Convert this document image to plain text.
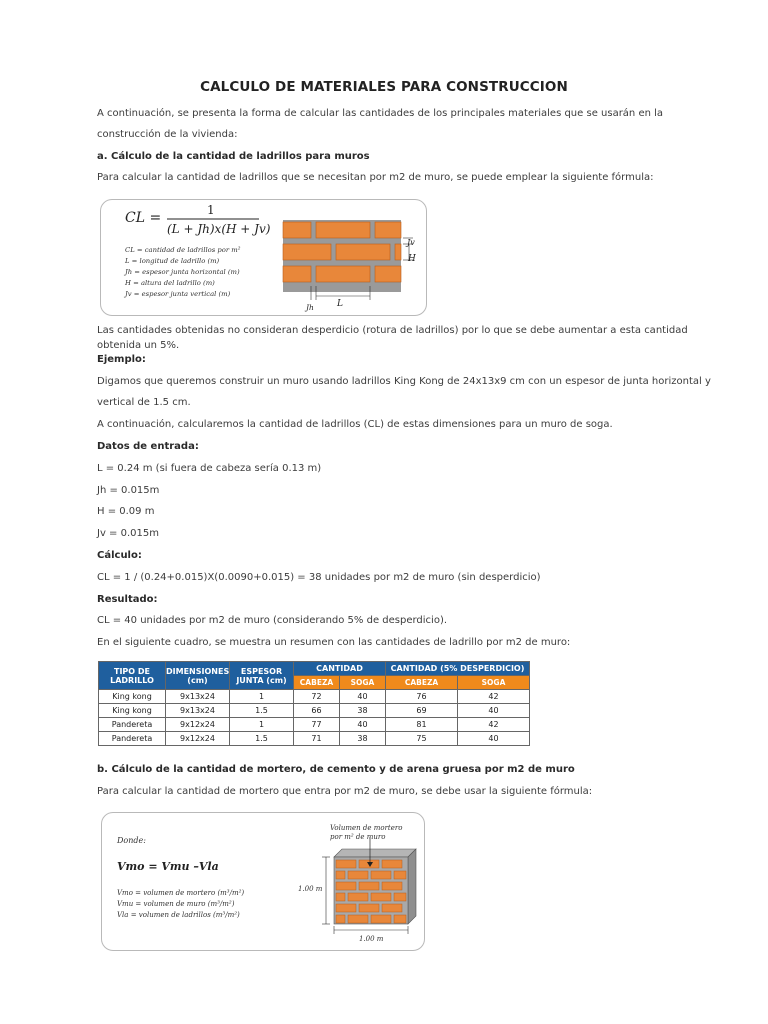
CALCULO DE MATERIALES PARA CONSTRUCCION
A continuación, se presenta la forma de calcular las cantidades de los principales materiales que se usarán en la
construcción de la vivienda:
a. Cálculo de la cantidad de ladrillos para muros
Para calcular la cantidad de ladrillos que se necesitan por m2 de muro, se puede emplear la siguiente fórmula:
CL =	1
(L + Jh)x(H + Jv)
CL = cantidad de ladrillos por m²
L = longitud de ladrillo (m)
Jh = espesor junta horizontal (m)
H = altura del ladrillo (m)
Jv = espesor junta vertical (m)
Jv
H
Jh	L
Las cantidades obtenidas no consideran desperdicio (rotura de ladrillos) por lo que se debe aumentar a esta cantidad
obtenida un 5%.
Ejemplo:
Digamos que queremos construir un muro usando ladrillos King Kong de 24x13x9 cm con un espesor de junta horizontal y
vertical de 1.5 cm.
A continuación, calcularemos la cantidad de ladrillos (CL) de estas dimensiones para un muro de soga.
Datos de entrada:
L = 0.24 m (si fuera de cabeza sería 0.13 m)
Jh = 0.015m
H = 0.09 m
Jv = 0.015m
Cálculo:
CL = 1 / (0.24+0.015)X(0.0090+0.015) = 38 unidades por m2 de muro (sin desperdicio)
Resultado:
CL = 40 unidades por m2 de muro (considerando 5% de desperdicio).
En el siguiente cuadro, se muestra un resumen con las cantidades de ladrillo por m2 de muro:
TIPO DE LADRILLO	DIMENSIONES (cm)	ESPESOR JUNTA (cm)	CANTIDAD		CANTIDAD (5% DESPERDICIO)	
			CABEZA	SOGA	CABEZA	SOGA
King kong	9x13x24	1	72	40	76	42
King kong	9x13x24	1.5	66	38	69	40
Pandereta	9x12x24	1	77	40	81	42
Pandereta	9x12x24	1.5	71	38	75	40
b. Cálculo de la cantidad de mortero, de cemento y de arena gruesa por m2 de muro
Para calcular la cantidad de mortero que entra por m2 de muro, se debe usar la siguiente fórmula:
Donde:
Vmo = Vmu –Vla
Vmo = volumen de mortero (m³/m²)
Vmu = volumen de muro (m³/m²)
Vla = volumen de ladrillos (m³/m²)
Volumen de mortero
por m² de muro
1.00 m
1.00 m
